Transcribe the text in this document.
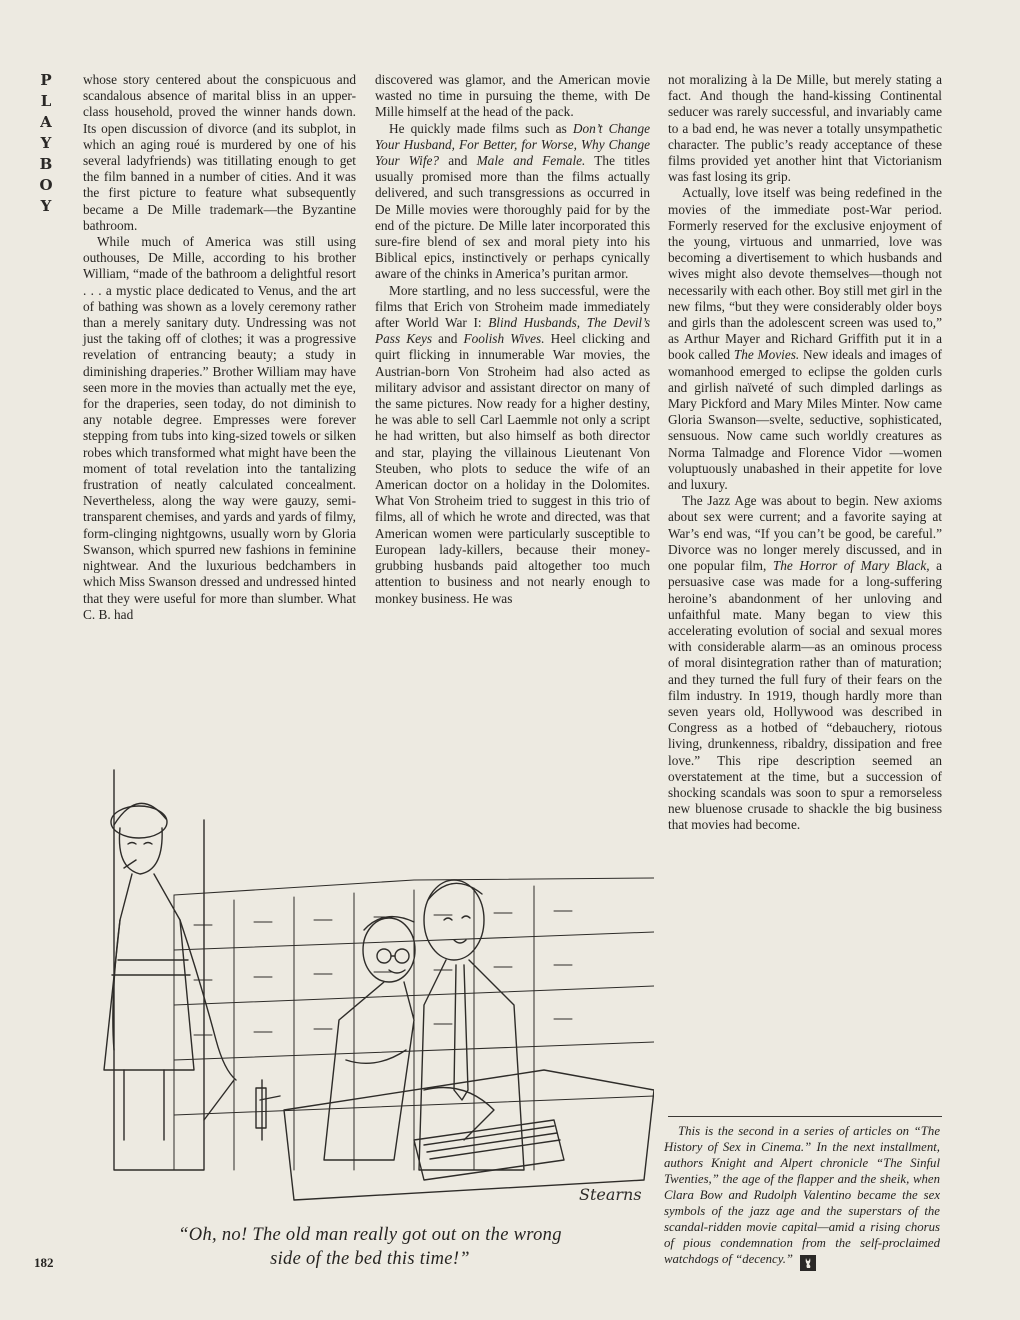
P
L
A
Y
B
O
Y

whose story centered about the conspicuous and scandalous absence of marital bliss in an upper-class household, proved the winner hands down. Its open discussion of divorce (and its subplot, in which an aging roué is murdered by one of his several ladyfriends) was titillating enough to get the film banned in a number of cities. And it was the first picture to feature what subsequently became a De Mille trademark—the Byzantine bathroom.

While much of America was still using outhouses, De Mille, according to his brother William, “made of the bathroom a delightful resort . . . a mystic place dedicated to Venus, and the art of bathing was shown as a lovely ceremony rather than a merely sanitary duty. Undressing was not just the taking off of clothes; it was a progressive revelation of entrancing beauty; a study in diminishing draperies.” Brother William may have seen more in the movies than actually met the eye, for the draperies, seen today, do not diminish to any notable degree. Empresses were forever stepping from tubs into king-sized towels or silken robes which transformed what might have been the moment of total revelation into the tantalizing frustration of neatly calculated concealment. Nevertheless, along the way were gauzy, semitransparent chemises, and yards and yards of filmy, form-clinging nightgowns, usually worn by Gloria Swanson, which spurred new fashions in feminine nightwear. And the luxurious bedchambers in which Miss Swanson dressed and undressed hinted that they were useful for more than slumber. What C. B. had

discovered was glamor, and the American movie wasted no time in pursuing the theme, with De Mille himself at the head of the pack.

He quickly made films such as Don’t Change Your Husband, For Better, for Worse, Why Change Your Wife? and Male and Female. The titles usually promised more than the films actually delivered, and such transgressions as occurred in De Mille movies were thoroughly paid for by the end of the picture. De Mille later incorporated this sure-fire blend of sex and moral piety into his Biblical epics, instinctively or perhaps cynically aware of the chinks in America’s puritan armor.

More startling, and no less successful, were the films that Erich von Stroheim made immediately after World War I: Blind Husbands, The Devil’s Pass Keys and Foolish Wives. Heel clicking and quirt flicking in innumerable War movies, the Austrian-born Von Stroheim had also acted as military advisor and assistant director on many of the same pictures. Now ready for a higher destiny, he was able to sell Carl Laemmle not only a script he had written, but also himself as both director and star, playing the villainous Lieutenant Von Steuben, who plots to seduce the wife of an American doctor on a holiday in the Dolomites. What Von Stroheim tried to suggest in this trio of films, all of which he wrote and directed, was that American women were particularly susceptible to European lady-killers, because their moneygrubbing husbands paid altogether too much attention to business and not nearly enough to monkey business. He was

not moralizing à la De Mille, but merely stating a fact. And though the hand-kissing Continental seducer was rarely successful, and invariably came to a bad end, he was never a totally unsympathetic character. The public’s ready acceptance of these films provided yet another hint that Victorianism was fast losing its grip.

Actually, love itself was being redefined in the movies of the immediate post-War period. Formerly reserved for the exclusive enjoyment of the young, virtuous and unmarried, love was becoming a divertisement to which husbands and wives might also devote themselves—though not necessarily with each other. Boy still met girl in the new films, “but they were considerably older boys and girls than the adolescent screen was used to,” as Arthur Mayer and Richard Griffith put it in a book called The Movies. New ideals and images of womanhood emerged to eclipse the golden curls and girlish naïveté of such dimpled darlings as Mary Pickford and Mary Miles Minter. Now came Gloria Swanson—svelte, seductive, sophisticated, sensuous. Now came such worldly creatures as Norma Talmadge and Florence Vidor —women voluptuously unabashed in their appetite for love and luxury.

The Jazz Age was about to begin. New axioms about sex were current; and a favorite saying at War’s end was, “If you can’t be good, be careful.” Divorce was no longer merely discussed, and in one popular film, The Horror of Mary Black, a persuasive case was made for a long-suffering heroine’s abandonment of her unloving and unfaithful mate. Many began to view this accelerating evolution of social and sexual mores with considerable alarm—as an ominous process of moral disintegration rather than of maturation; and they turned the full fury of their fears on the film industry. In 1919, though hardly more than seven years old, Hollywood was described in Congress as a hotbed of “debauchery, riotous living, drunkenness, ribaldry, dissipation and free love.” This ripe description seemed an overstatement at the time, but a succession of shocking scandals was soon to spur a remorseless new bluenose crusade to shackle the big business that movies had become.

This is the second in a series of articles on “The History of Sex in Cinema.” In the next installment, authors Knight and Alpert chronicle “The Sinful Twenties,” the age of the flapper and the sheik, when Clara Bow and Rudolph Valentino became the sex symbols of the jazz age and the superstars of the scandal-ridden movie capital—amid a rising chorus of pious condemnation from the self-proclaimed watchdogs of “decency.”

Stearns

“Oh, no! The old man really got out on the wrong
side of the bed this time!”

182
